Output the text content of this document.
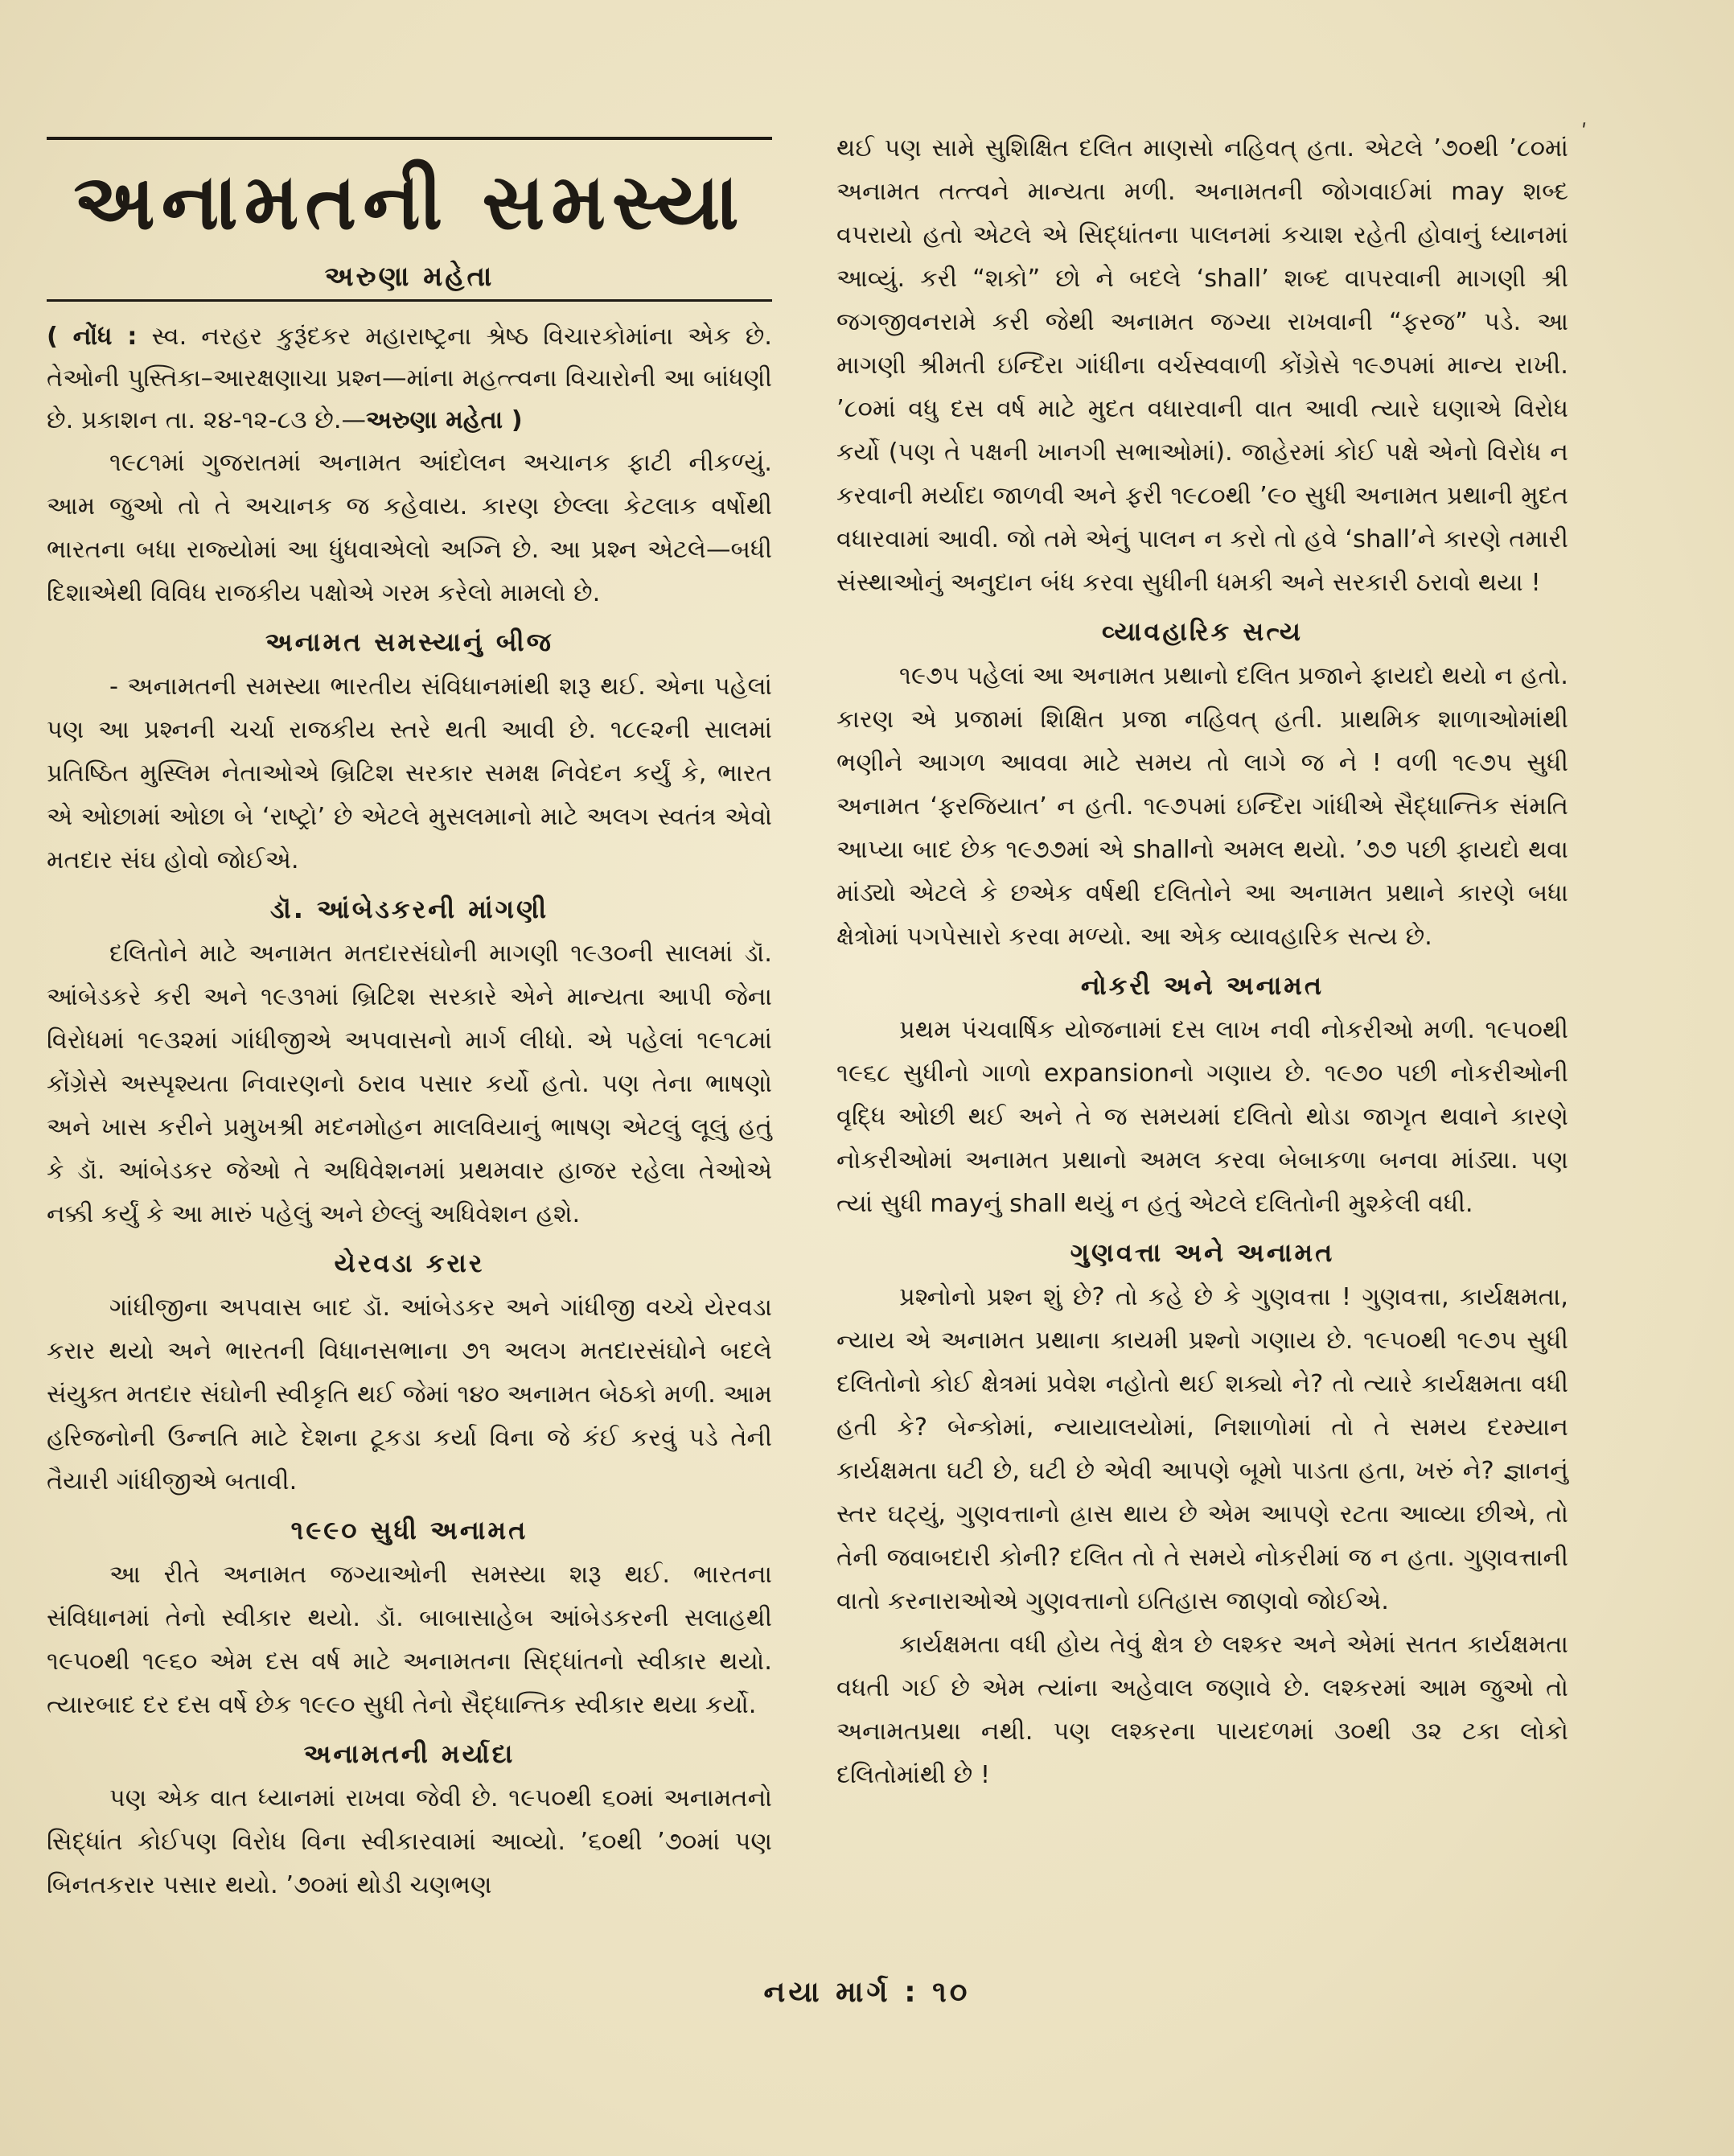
અનામતની સમસ્યા
અરુણા મહેતા

( નોંધ : સ્વ. નરહર કુરૂંદકર મહારાષ્ટ્રના શ્રેષ્ઠ વિચારકોમાંના એક છે. તેઓની પુસ્તિકા–આરક્ષણાચા પ્રશ્ન—માંના મહત્ત્વના વિચારોની આ બાંધણી છે. પ્રકાશન તા. ૨૪-૧૨-૮૩ છે.—અરુણા મહેતા )

૧૯૮૧માં ગુજરાતમાં અનામત આંદોલન અચાનક ફાટી નીકળ્યું. આમ જુઓ તો તે અચાનક જ કહેવાય. કારણ છેલ્લા કેટલાક વર્ષોથી ભારતના બધા રાજ્યોમાં આ ધુંધવાએલો અગ્નિ છે. આ પ્રશ્ન એટલે—બધી દિશાએથી વિવિધ રાજકીય પક્ષોએ ગરમ કરેલો મામલો છે.

અનામત સમસ્યાનું બીજ

- અનામતની સમસ્યા ભારતીય સંવિધાનમાંથી શરૂ થઈ. એના પહેલાં પણ આ પ્રશ્નની ચર્ચા રાજકીય સ્તરે થતી આવી છે. ૧૮૯૨ની સાલમાં પ્રતિષ્ઠિત મુસ્લિમ નેતાઓએ બ્રિટિશ સરકાર સમક્ષ નિવેદન કર્યું કે, ભારત એ ઓછામાં ઓછા બે ‘રાષ્ટ્રો’ છે એટલે મુસલમાનો માટે અલગ સ્વતંત્ર એવો મતદાર સંઘ હોવો જોઈએ.

ડૉ. આંબેડકરની માંગણી

દલિતોને માટે અનામત મતદારસંઘોની માગણી ૧૯૩૦ની સાલમાં ડૉ. આંબેડકરે કરી અને ૧૯૩૧માં બ્રિટિશ સરકારે એને માન્યતા આપી જેના વિરોધમાં ૧૯૩૨માં ગાંધીજીએ અપવાસનો માર્ગ લીધો. એ પહેલાં ૧૯૧૮માં કોંગ્રેસે અસ્પૃશ્યતા નિવારણનો ઠરાવ પસાર કર્યો હતો. પણ તેના ભાષણો અને ખાસ કરીને પ્રમુખશ્રી મદનમોહન માલવિયાનું ભાષણ એટલું લૂલું હતું કે ડૉ. આંબેડકર જેઓ તે અધિવેશનમાં પ્રથમવાર હાજર રહેલા તેઓએ નક્કી કર્યું કે આ મારું પહેલું અને છેલ્લું અધિવેશન હશે.

યેરવડા કરાર

ગાંધીજીના અપવાસ બાદ ડૉ. આંબેડકર અને ગાંધીજી વચ્ચે યેરવડા કરાર થયો અને ભારતની વિધાનસભાના ૭૧ અલગ મતદારસંઘોને બદલે સંયુક્ત મતદાર સંઘોની સ્વીકૃતિ થઈ જેમાં ૧૪૦ અનામત બેઠકો મળી. આમ હરિજનોની ઉન્નતિ માટે દેશના ટૂકડા કર્યા વિના જે કંઈ કરવું પડે તેની તૈયારી ગાંધીજીએ બતાવી.

૧૯૯૦ સુધી અનામત

આ રીતે અનામત જગ્યાઓની સમસ્યા શરૂ થઈ. ભારતના સંવિધાનમાં તેનો સ્વીકાર થયો. ડૉ. બાબાસાહેબ આંબેડકરની સલાહથી ૧૯૫૦થી ૧૯૬૦ એમ દસ વર્ષ માટે અનામતના સિદ્ધાંતનો સ્વીકાર થયો. ત્યારબાદ દર દસ વર્ષે છેક ૧૯૯૦ સુધી તેનો સૈદ્ધાન્તિક સ્વીકાર થયા કર્યો.

અનામતની મર્યાદા

પણ એક વાત ધ્યાનમાં રાખવા જેવી છે. ૧૯૫૦થી ૬૦માં અનામતનો સિદ્ધાંત કોઈપણ વિરોધ વિના સ્વીકારવામાં આવ્યો. ’૬૦થી ’૭૦માં પણ બિનતકરાર પસાર થયો. ’૭૦માં થોડી ચણભણ

થઈ પણ સામે સુશિક્ષિત દલિત માણસો નહિવત્ હતા. એટલે ’૭૦થી ’૮૦માં અનામત તત્ત્વને માન્યતા મળી. અનામતની જોગવાઈમાં may શબ્દ વપરાયો હતો એટલે એ સિદ્ધાંતના પાલનમાં કચાશ રહેતી હોવાનું ધ્યાનમાં આવ્યું. કરી “શકો” છો ને બદલે ‘shall’ શબ્દ વાપરવાની માગણી શ્રી જગજીવનરામે કરી જેથી અનામત જગ્યા રાખવાની “ફરજ” પડે. આ માગણી શ્રીમતી ઇન્દિરા ગાંધીના વર્ચસ્વવાળી કોંગ્રેસે ૧૯૭૫માં માન્ય રાખી. ’૮૦માં વધુ દસ વર્ષ માટે મુદત વધારવાની વાત આવી ત્યારે ઘણાએ વિરોધ કર્યો (પણ તે પક્ષની ખાનગી સભાઓમાં). જાહેરમાં કોઈ પક્ષે એનો વિરોધ ન કરવાની મર્યાદા જાળવી અને ફરી ૧૯૮૦થી ’૯૦ સુધી અનામત પ્રથાની મુદત વધારવામાં આવી. જો તમે એનું પાલન ન કરો તો હવે ‘shall’ને કારણે તમારી સંસ્થાઓનું અનુદાન બંધ કરવા સુધીની ધમકી અને સરકારી ઠરાવો થયા !

વ્યાવહારિક સત્ય

૧૯૭૫ પહેલાં આ અનામત પ્રથાનો દલિત પ્રજાને ફાયદો થયો ન હતો. કારણ એ પ્રજામાં શિક્ષિત પ્રજા નહિવત્ હતી. પ્રાથમિક શાળાઓમાંથી ભણીને આગળ આવવા માટે સમય તો લાગે જ ને ! વળી ૧૯૭૫ સુધી અનામત ‘ફરજિયાત’ ન હતી. ૧૯૭૫માં ઇન્દિરા ગાંધીએ સૈદ્ધાન્તિક સંમતિ આપ્યા બાદ છેક ૧૯૭૭માં એ shallનો અમલ થયો. ’૭૭ પછી ફાયદો થવા માંડ્યો એટલે કે છએક વર્ષથી દલિતોને આ અનામત પ્રથાને કારણે બધા ક્ષેત્રોમાં પગપેસારો કરવા મળ્યો. આ એક વ્યાવહારિક સત્ય છે.

નોકરી અને અનામત

પ્રથમ પંચવાર્ષિક યોજનામાં દસ લાખ નવી નોકરીઓ મળી. ૧૯૫૦થી ૧૯૬૮ સુધીનો ગાળો expansionનો ગણાય છે. ૧૯૭૦ પછી નોકરીઓની વૃદ્ધિ ઓછી થઈ અને તે જ સમયમાં દલિતો થોડા જાગૃત થવાને કારણે નોકરીઓમાં અનામત પ્રથાનો અમલ કરવા બેબાકળા બનવા માંડ્યા. પણ ત્યાં સુધી mayનું shall થયું ન હતું એટલે દલિતોની મુશ્કેલી વધી.

ગુણવત્તા અને અનામત

પ્રશ્નોનો પ્રશ્ન શું છે? તો કહે છે કે ગુણવત્તા ! ગુણવત્તા, કાર્યક્ષમતા, ન્યાય એ અનામત પ્રથાના કાયમી પ્રશ્નો ગણાય છે. ૧૯૫૦થી ૧૯૭૫ સુધી દલિતોનો કોઈ ક્ષેત્રમાં પ્રવેશ નહોતો થઈ શક્યો ને? તો ત્યારે કાર્યક્ષમતા વધી હતી કે? બેન્કોમાં, ન્યાયાલયોમાં, નિશાળોમાં તો તે સમય દરમ્યાન કાર્યક્ષમતા ઘટી છે, ઘટી છે એવી આપણે બૂમો પાડતા હતા, ખરું ને? જ્ઞાનનું સ્તર ઘટ્યું, ગુણવત્તાનો હ્રાસ થાય છે એમ આપણે રટતા આવ્યા છીએ, તો તેની જવાબદારી કોની? દલિત તો તે સમયે નોકરીમાં જ ન હતા. ગુણવત્તાની વાતો કરનારાઓએ ગુણવત્તાનો ઇતિહાસ જાણવો જોઈએ.

કાર્યક્ષમતા વધી હોય તેવું ક્ષેત્ર છે લશ્કર અને એમાં સતત કાર્યક્ષમતા વધતી ગઈ છે એમ ત્યાંના અહેવાલ જણાવે છે. લશ્કરમાં આમ જુઓ તો અનામતપ્રથા નથી. પણ લશ્કરના પાયદળમાં ૩૦થી ૩૨ ટકા લોકો દલિતોમાંથી છે !

નયા માર્ગ : ૧૦
ʹ
